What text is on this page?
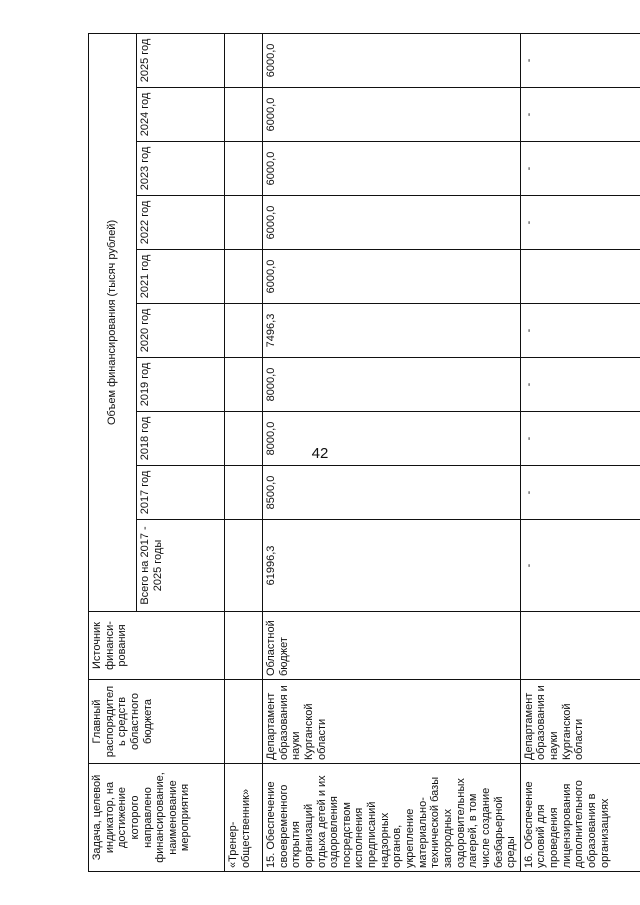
42
Задача, целевой индикатор, на достижение которого направлено финансирование, наименование мероприятия	Главный распорядитель средств областного бюджета	Источник финанси-рования	Объем финансирования (тысяч рублей)									
			Всего на 2017 - 2025 годы	2017 год	2018 год	2019 год	2020 год	2021 год	2022 год	2023 год	2024 год	2025 год
«Тренер-общественник»												
15. Обеспечение своевременного открытия организаций отдыха детей и их оздоровления посредством исполнения предписаний надзорных органов, укрепление материально-технической базы загородных оздоровительных лагерей, в том числе создание безбарьерной среды	Департамент образования и науки Курганской области	Областной бюджет	61996,3	8500,0	8000,0	8000,0	7496,3	6000,0	6000,0	6000,0	6000,0	6000,0
16. Обеспечение условий для проведения лицензирования дополнительного образования в организациях	Департамент образования и науки Курганской области		-	-	-	-	-		-	-	-	-
